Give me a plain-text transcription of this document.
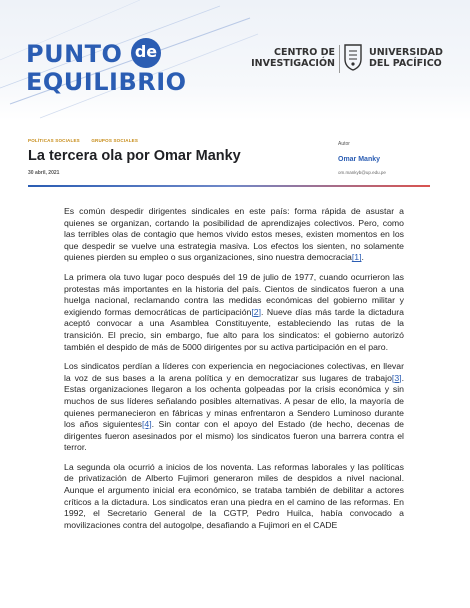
PUNTO de
EQUILIBRIO
CENTRO DE
INVESTIGACIÓN
UNIVERSIDAD
DEL PACÍFICO
POLÍTICAS SOCIALES	GRUPOS SOCIALES
La tercera ola por Omar Manky
30 abril, 2021
Autor
Omar Manky
om.mankyb@up.edu.pe

Es común despedir dirigentes sindicales en este país: forma rápida de asustar a quienes se organizan, cortando la posibilidad de aprendizajes colectivos. Pero, como las terribles olas de contagio que hemos vivido estos meses, existen momentos en los que despedir se vuelve una estrategia masiva. Los efectos los sienten, no solamente quienes pierden su empleo o sus organizaciones, sino nuestra democracia[1].

La primera ola tuvo lugar poco después del 19 de julio de 1977, cuando ocurrieron las protestas más importantes en la historia del país. Cientos de sindicatos fueron a una huelga nacional, reclamando contra las medidas económicas del gobierno militar y exigiendo formas democráticas de participación[2]. Nueve días más tarde la dictadura aceptó convocar a una Asamblea Constituyente, estableciendo las rutas de la transición. El precio, sin embargo, fue alto para los sindicatos: el gobierno autorizó también el despido de más de 5000 dirigentes por su activa participación en el paro.

Los sindicatos perdían a líderes con experiencia en negociaciones colectivas, en llevar la voz de sus bases a la arena política y en democratizar sus lugares de trabajo[3]. Estas organizaciones llegaron a los ochenta golpeadas por la crisis económica y sin muchos de sus líderes señalando posibles alternativas. A pesar de ello, la mayoría de quienes permanecieron en fábricas y minas enfrentaron a Sendero Luminoso durante los años siguientes[4]. Sin contar con el apoyo del Estado (de hecho, decenas de dirigentes fueron asesinados por el mismo) los sindicatos fueron una barrera contra el terror.

La segunda ola ocurrió a inicios de los noventa. Las reformas laborales y las políticas de privatización de Alberto Fujimori generaron miles de despidos a nivel nacional. Aunque el argumento inicial era económico, se trataba también de debilitar a actores críticos a la dictadura. Los sindicatos eran una piedra en el camino de las reformas. En 1992, el Secretario General de la CGTP, Pedro Huilca, había convocado a movilizaciones contra del autogolpe, desafiando a Fujimori en el CADE
